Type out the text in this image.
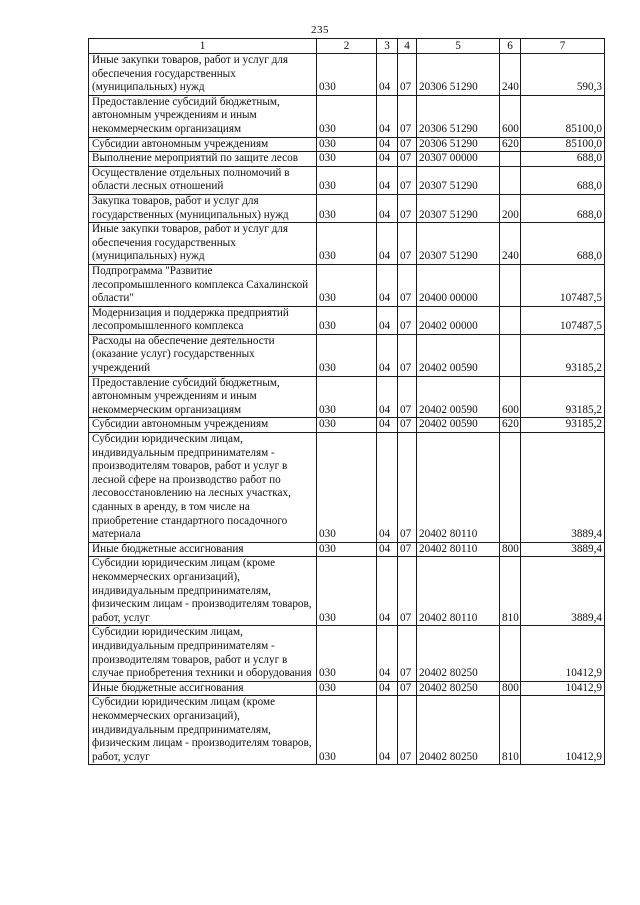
235
1	2	3	4	5	6	7
Иные закупки товаров, работ и услуг для обеспечения государственных (муниципальных) нужд	030	04	07	20306 51290	240	590,3
Предоставление субсидий бюджетным, автономным учреждениям и иным некоммерческим организациям	030	04	07	20306 51290	600	85100,0
Субсидии автономным учреждениям	030	04	07	20306 51290	620	85100,0
Выполнение мероприятий по защите лесов	030	04	07	20307 00000		688,0
Осуществление отдельных полномочий в области лесных отношений	030	04	07	20307 51290		688,0
Закупка товаров, работ и услуг для государственных (муниципальных) нужд	030	04	07	20307 51290	200	688,0
Иные закупки товаров, работ и услуг для обеспечения государственных (муниципальных) нужд	030	04	07	20307 51290	240	688,0
Подпрограмма "Развитие лесопромышленного комплекса Сахалинской области"	030	04	07	20400 00000		107487,5
Модернизация и поддержка предприятий лесопромышленного комплекса	030	04	07	20402 00000		107487,5
Расходы на обеспечение деятельности (оказание услуг) государственных учреждений	030	04	07	20402 00590		93185,2
Предоставление субсидий бюджетным, автономным учреждениям и иным некоммерческим организациям	030	04	07	20402 00590	600	93185,2
Субсидии автономным учреждениям	030	04	07	20402 00590	620	93185,2
Субсидии юридическим лицам, индивидуальным предпринимателям - производителям товаров, работ и услуг в лесной сфере на производство работ по лесовосстановлению на лесных участках, сданных в аренду, в том числе на приобретение стандартного посадочного материала	030	04	07	20402 80110		3889,4
Иные бюджетные ассигнования	030	04	07	20402 80110	800	3889,4
Субсидии юридическим лицам (кроме некоммерческих организаций), индивидуальным предпринимателям, физическим лицам - производителям товаров, работ, услуг	030	04	07	20402 80110	810	3889,4
Субсидии юридическим лицам, индивидуальным предпринимателям - производителям товаров, работ и услуг в случае приобретения техники и оборудования	030	04	07	20402 80250		10412,9
Иные бюджетные ассигнования	030	04	07	20402 80250	800	10412,9
Субсидии юридическим лицам (кроме некоммерческих организаций), индивидуальным предпринимателям, физическим лицам - производителям товаров, работ, услуг	030	04	07	20402 80250	810	10412,9
